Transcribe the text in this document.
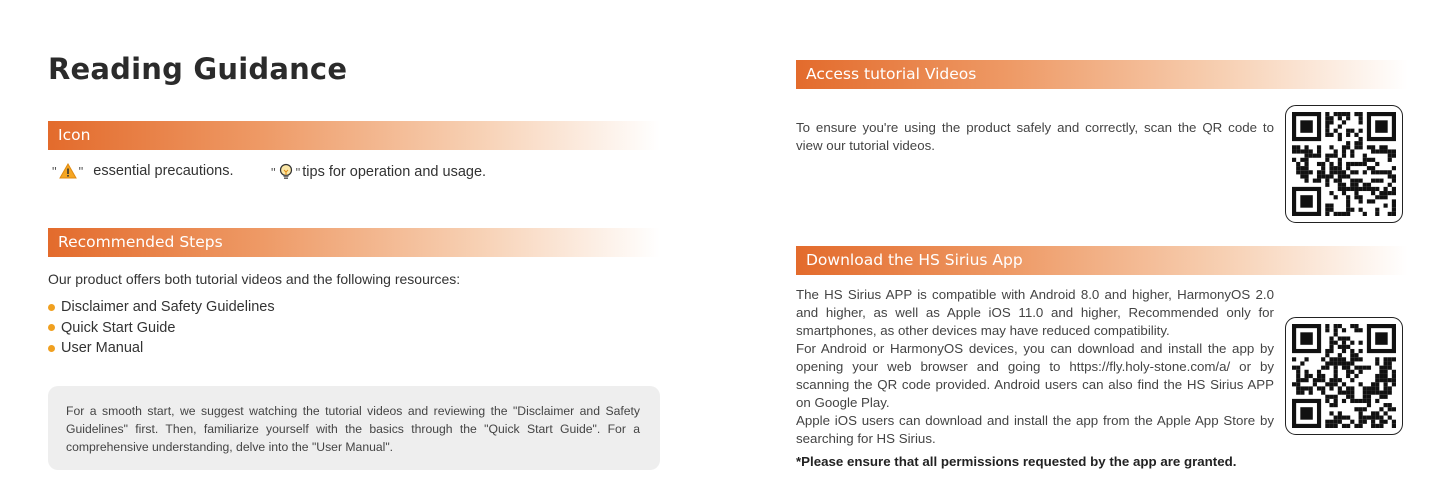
Reading Guidance
Icon
" " essential precautions.	" " tips for operation and usage.
Recommended Steps

Our product offers both tutorial videos and the following resources:

Disclaimer and Safety Guidelines
Quick Start Guide
User Manual

For a smooth start, we suggest watching the tutorial videos and reviewing the "Disclaimer and Safety Guidelines" first. Then, familiarize yourself with the basics through the "Quick Start Guide". For a comprehensive understanding, delve into the "User Manual".

Access tutorial Videos

To ensure you're using the product safely and correctly, scan the QR code to view our tutorial videos.

Download the HS Sirius App
The HS Sirius APP is compatible with Android 8.0 and higher, HarmonyOS 2.0 and higher, as well as Apple iOS 11.0 and higher, Recommended only for smartphones, as other devices may have reduced compatibility.
For Android or HarmonyOS devices, you can download and install the app by opening your web browser and going to https://fly.holy-stone.com/a/ or by scanning the QR code provided. Android users can also find the HS Sirius APP on Google Play.
Apple iOS users can download and install the app from the Apple App Store by searching for HS Sirius.

*Please ensure that all permissions requested by the app are granted.
